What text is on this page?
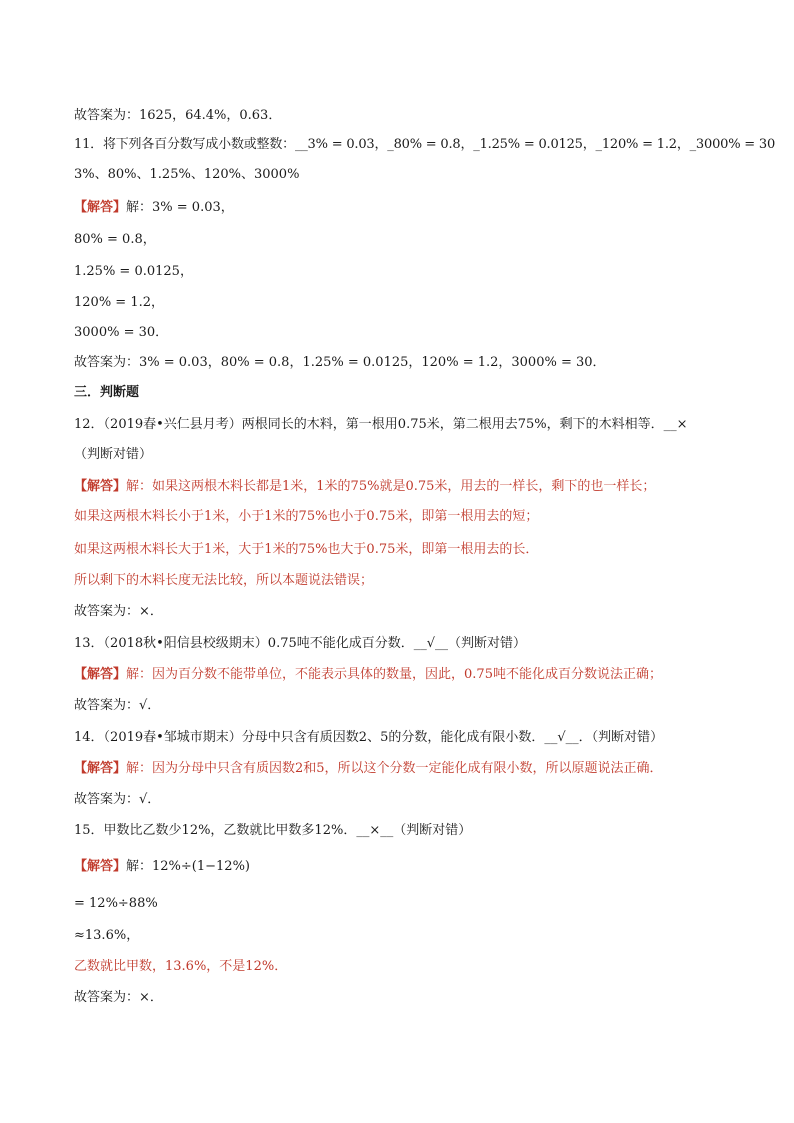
故答案为：1625，64.4%，0.63．
11．将下列各百分数写成小数或整数：__3% = 0.03，_80% = 0.8，_1.25% = 0.0125，_120% = 1.2，_3000% = 30
3%、80%、1.25%、120%、3000%
【解答】解：3% = 0.03，
80% = 0.8，
1.25% = 0.0125，
120% = 1.2，
3000% = 30．
故答案为：3% = 0.03，80% = 0.8，1.25% = 0.0125，120% = 1.2，3000% = 30．
三．判断题
12．（2019春•兴仁县月考）两根同长的木料，第一根用0.75米，第二根用去75%，剩下的木料相等．__×
（判断对错）
【解答】解：如果这两根木料长都是1米，1米的75%就是0.75米，用去的一样长，剩下的也一样长；
如果这两根木料长小于1米，小于1米的75%也小于0.75米，即第一根用去的短；
如果这两根木料长大于1米，大于1米的75%也大于0.75米，即第一根用去的长．
所以剩下的木料长度无法比较，所以本题说法错误；
故答案为：×．
13．（2018秋•阳信县校级期末）0.75吨不能化成百分数．__√__（判断对错）
【解答】解：因为百分数不能带单位，不能表示具体的数量，因此，0.75吨不能化成百分数说法正确；
故答案为：√．
14．（2019春•邹城市期末）分母中只含有质因数2、5的分数，能化成有限小数．__√__．（判断对错）
【解答】解：因为分母中只含有质因数2和5，所以这个分数一定能化成有限小数，所以原题说法正确．
故答案为：√．
15．甲数比乙数少12%，乙数就比甲数多12%．__×__（判断对错）
【解答】解：12%÷(1−12%)
= 12%÷88%
≈13.6%，
乙数就比甲数，13.6%，不是12%．
故答案为：×．
